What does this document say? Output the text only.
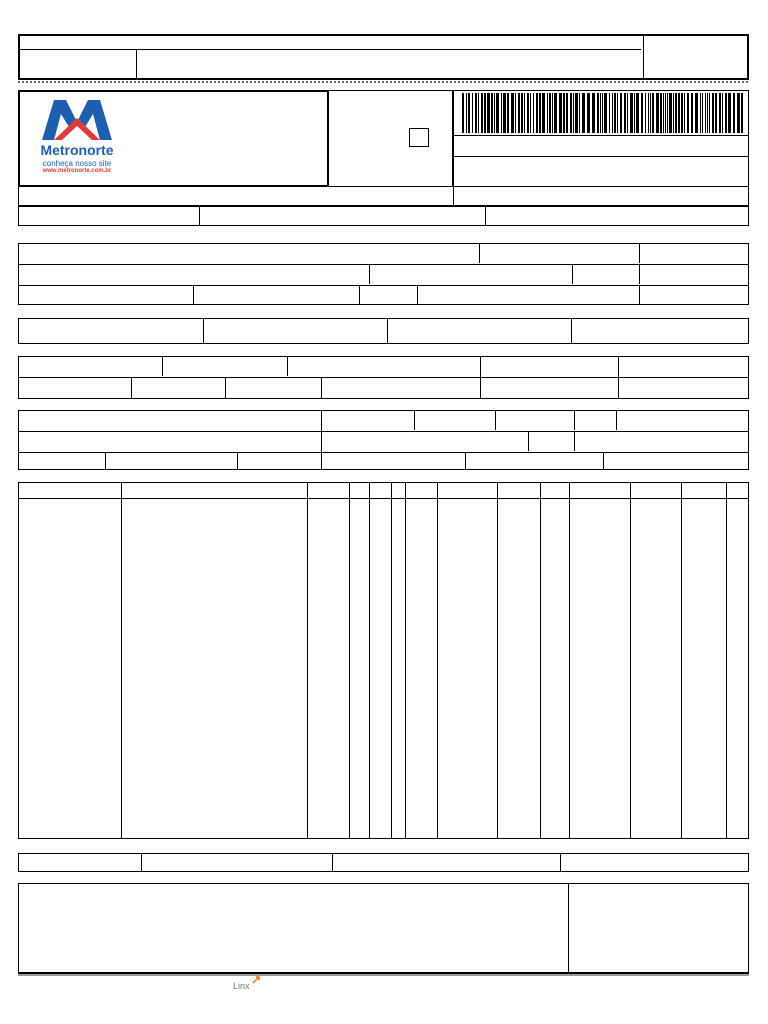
Metronorte
conheça nosso site
www.metronorte.com.br
Linx
